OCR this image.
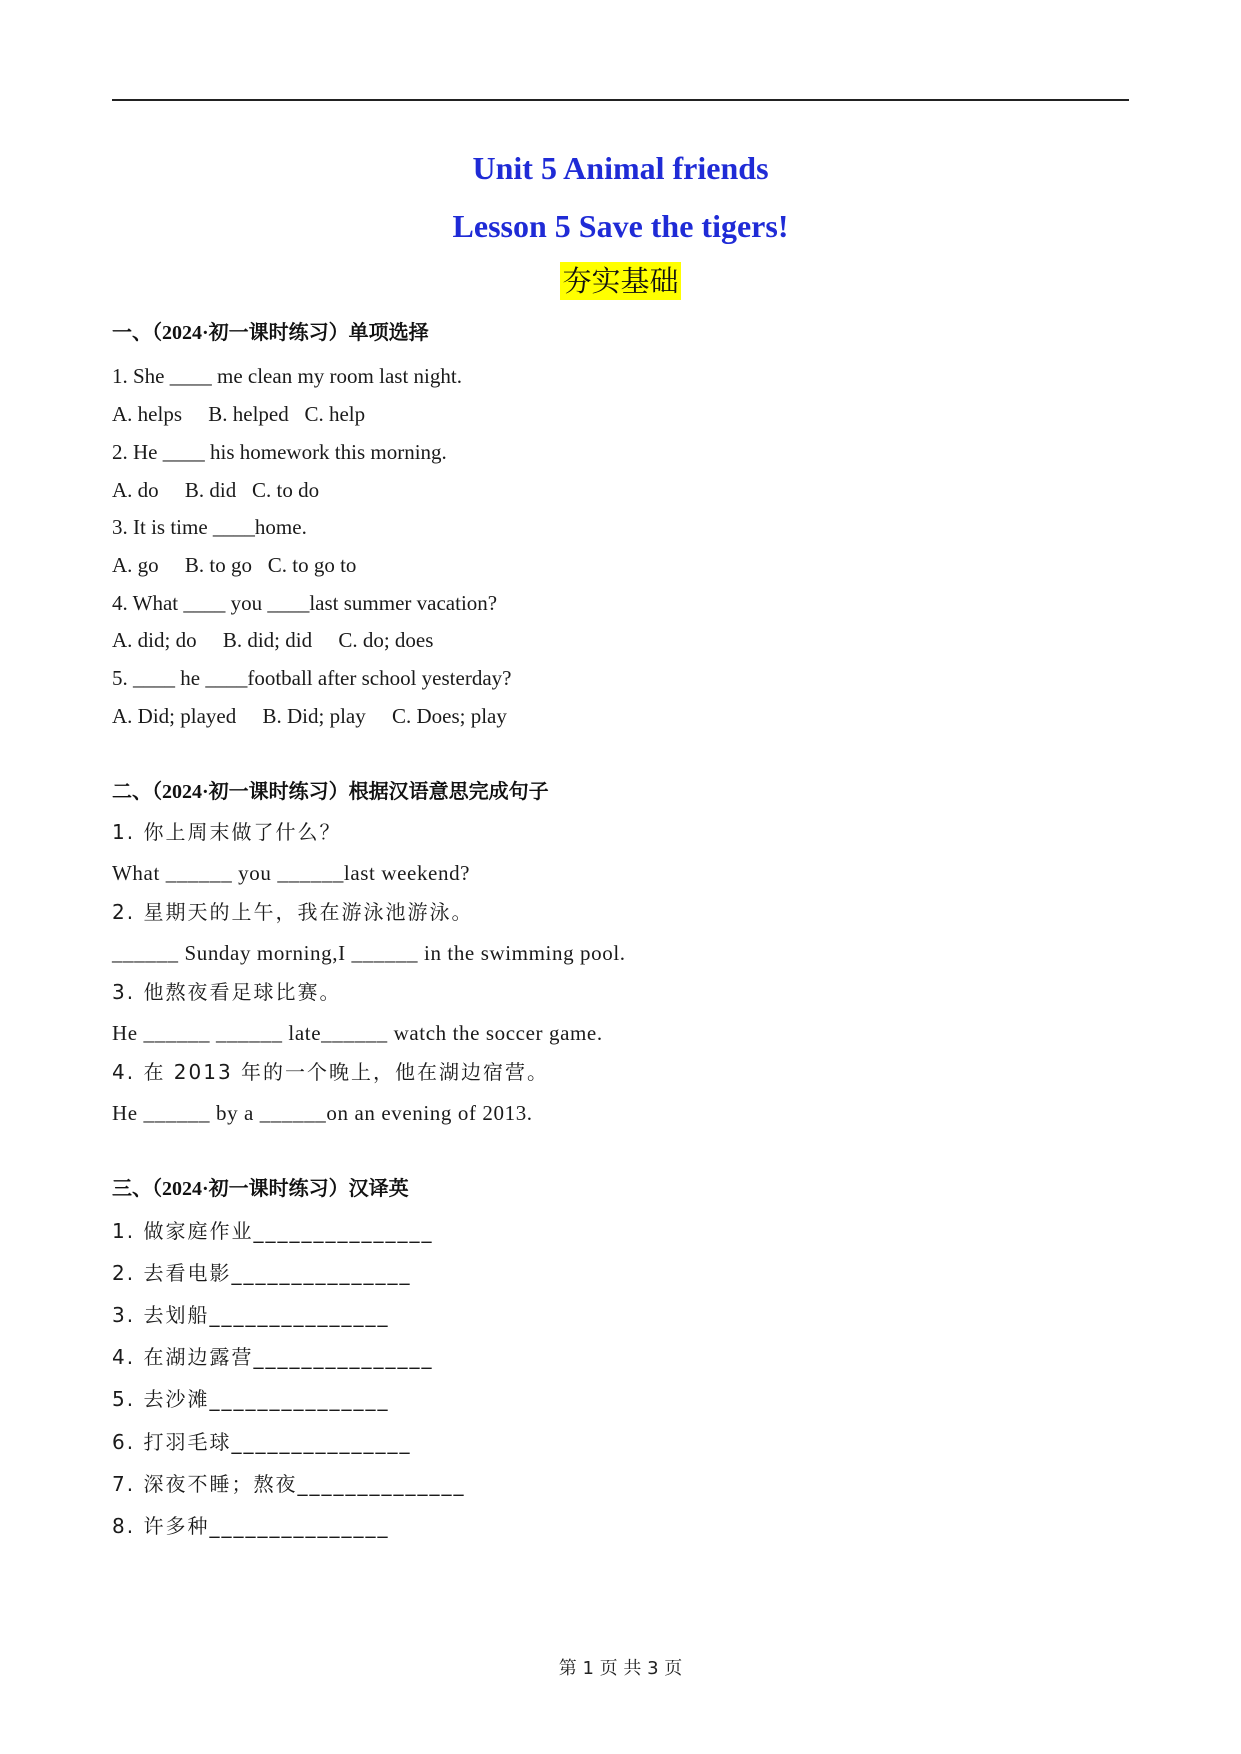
Unit 5 Animal friends
Lesson 5 Save the tigers!
夯实基础
一、（2024·初一课时练习）单项选择
1. She ____ me clean my room last night.
A. helps     B. helped   C. help
2. He ____ his homework this morning.
A. do     B. did   C. to do
3. It is time ____home.
A. go     B. to go   C. to go to
4. What ____ you ____last summer vacation?
A. did; do     B. did; did     C. do; does
5. ____ he ____football after school yesterday?
A. Did; played     B. Did; play     C. Does; play
二、（2024·初一课时练习）根据汉语意思完成句子
1. 你上周末做了什么？
What ______ you ______last weekend?
2. 星期天的上午，我在游泳池游泳。
______ Sunday morning,I ______ in the swimming pool.
3. 他熬夜看足球比赛。
He ______ ______ late______ watch the soccer game.
4. 在 2013 年的一个晚上，他在湖边宿营。
He ______ by a ______on an evening of 2013.
三、（2024·初一课时练习）汉译英
1. 做家庭作业_______________
2. 去看电影_______________
3. 去划船_______________
4. 在湖边露营_______________
5. 去沙滩_______________
6. 打羽毛球_______________
7. 深夜不睡；熬夜______________
8. 许多种_______________
第 1 页 共 3 页
